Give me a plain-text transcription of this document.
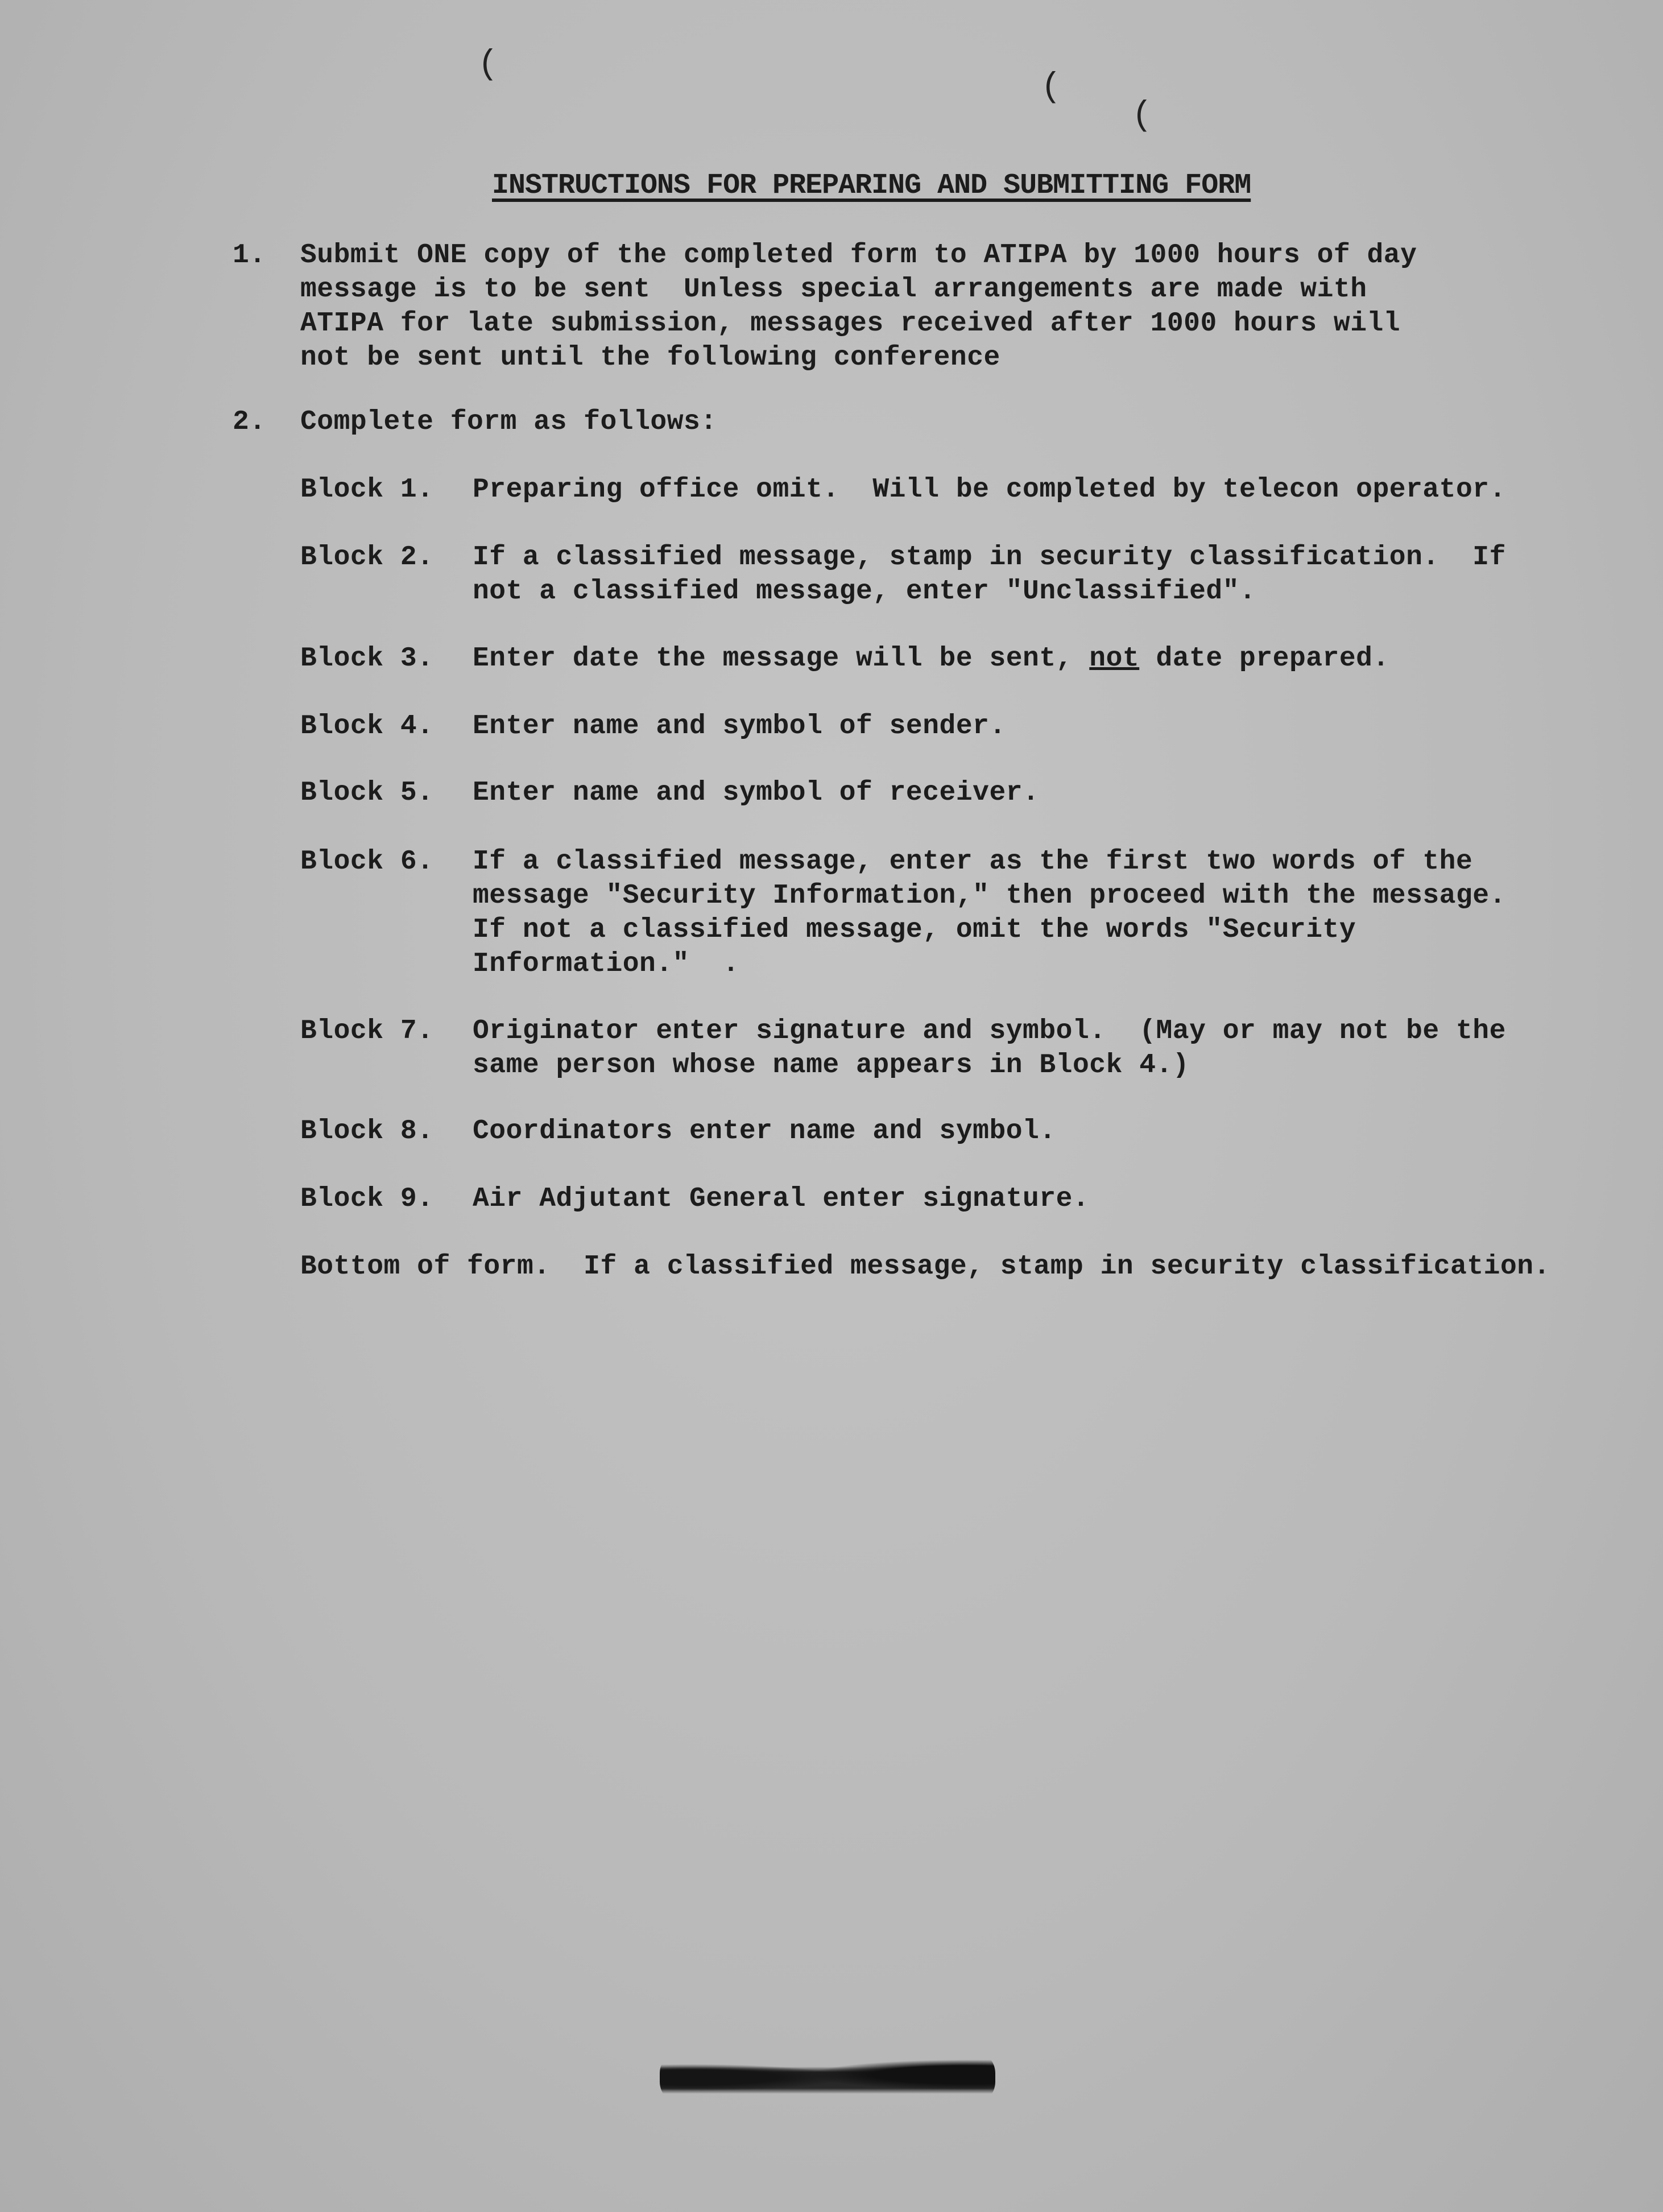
(
(
(
INSTRUCTIONS FOR PREPARING AND SUBMITTING FORM
1. Submit ONE copy of the completed form to ATIPA by 1000 hours of day
message is to be sent  Unless special arrangements are made with
ATIPA for late submission, messages received after 1000 hours will
not be sent until the following conference
2. Complete form as follows:
Block 1. Preparing office omit.  Will be completed by telecon operator.
Block 2. If a classified message, stamp in security classification.  If
not a classified message, enter "Unclassified".
Block 3. Enter date the message will be sent, not date prepared.
Block 4. Enter name and symbol of sender.
Block 5. Enter name and symbol of receiver.
Block 6. If a classified message, enter as the first two words of the
message "Security Information," then proceed with the message.
If not a classified message, omit the words "Security
Information."  .
Block 7. Originator enter signature and symbol.  (May or may not be the
same person whose name appears in Block 4.)
Block 8. Coordinators enter name and symbol.
Block 9. Air Adjutant General enter signature.
Bottom of form.  If a classified message, stamp in security classification.
